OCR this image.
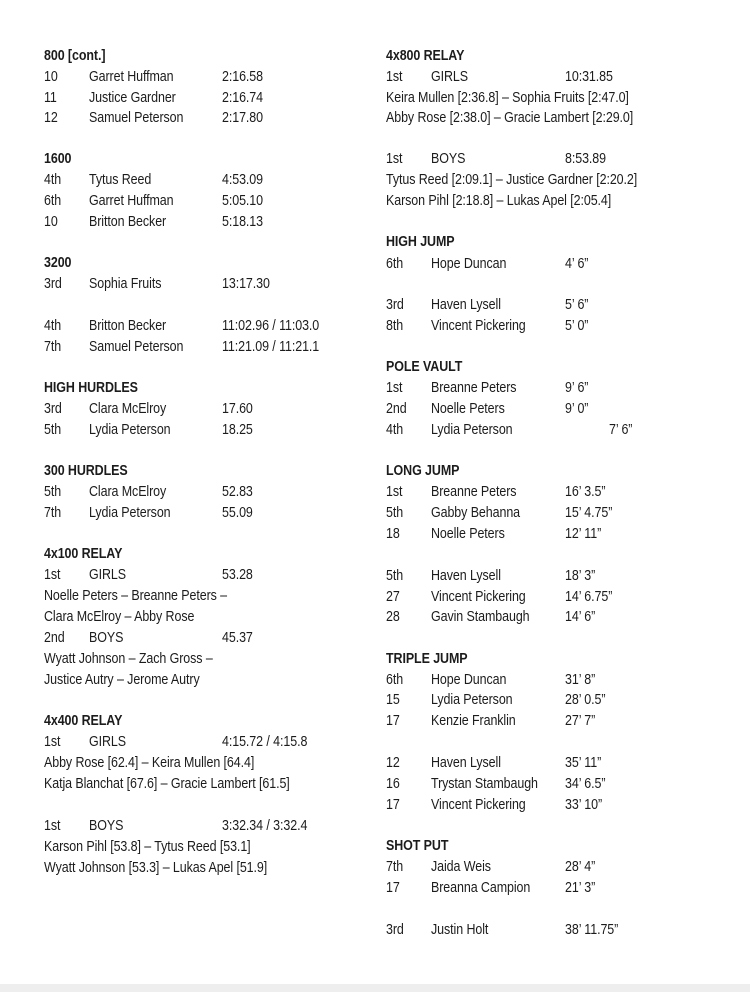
800 [cont.]
10 Garret Huffman	2:16.58
11 Justice Gardner	2:16.74
12 Samuel Peterson	2:17.80
1600
4th Tytus Reed	4:53.09
6th Garret Huffman	5:05.10
10 Britton Becker	5:18.13
3200
3rd Sophia Fruits	13:17.30
4th Britton Becker	11:02.96 / 11:03.0
7th Samuel Peterson	11:21.09 / 11:21.1
HIGH HURDLES
3rd Clara McElroy	17.60
5th Lydia Peterson	18.25
300 HURDLES
5th Clara McElroy	52.83
7th Lydia Peterson	55.09
4x100 RELAY
1st GIRLS	53.28
Noelle Peters – Breanne Peters –
Clara McElroy – Abby Rose
2nd BOYS	45.37
Wyatt Johnson – Zach Gross –
Justice Autry – Jerome Autry
4x400 RELAY
1st GIRLS	4:15.72 / 4:15.8
Abby Rose [62.4] – Keira Mullen [64.4]
Katja Blanchat [67.6] – Gracie Lambert [61.5]
1st BOYS	3:32.34 / 3:32.4
Karson Pihl [53.8] – Tytus Reed [53.1]
Wyatt Johnson [53.3] – Lukas Apel [51.9]
4x800 RELAY
1st GIRLS	10:31.85
Keira Mullen [2:36.8] – Sophia Fruits [2:47.0]
Abby Rose [2:38.0] – Gracie Lambert [2:29.0]
1st BOYS	8:53.89
Tytus Reed [2:09.1] – Justice Gardner [2:20.2]
Karson Pihl [2:18.8] – Lukas Apel [2:05.4]
HIGH JUMP
6th Hope Duncan	4’ 6”
3rd Haven Lysell	5’ 6”
8th Vincent Pickering	5’ 0”
POLE VAULT
1st Breanne Peters	9’ 6”
2nd Noelle Peters	9’ 0”
4th Lydia Peterson	7’ 6”
LONG JUMP
1st Breanne Peters	16’ 3.5”
5th Gabby Behanna	15’ 4.75”
18 Noelle Peters	12’ 11”
5th Haven Lysell	18’ 3”
27 Vincent Pickering	14’ 6.75”
28 Gavin Stambaugh 14’ 6”
TRIPLE JUMP
6th Hope Duncan	31’ 8”
15 Lydia Peterson	28’ 0.5”
17 Kenzie Franklin	27’ 7”
12 Haven Lysell	35’ 11”
16 Trystan Stambaugh 34’ 6.5”
17 Vincent Pickering	33’ 10”
SHOT PUT
7th Jaida Weis	28’ 4”
17 Breanna Campion 21’ 3”
3rd Justin Holt	38’ 11.75”
